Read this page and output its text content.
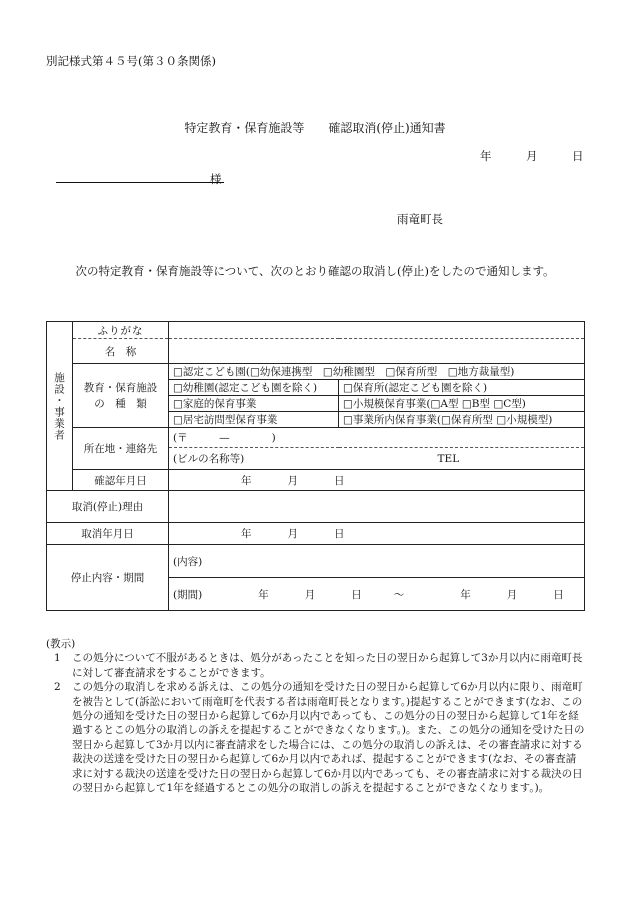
別記様式第４５号(第３０条関係)
特定教育・保育施設等　　確認取消(停止)通知書
年	月	日
様
雨竜町長
次の特定教育・保育施設等について、次のとおり確認の取消し(停止)をしたので通知します。
施設・事業者	ふりがな		
	名　称		

	教育・保育施設
の　種　類	□認定こども園(□幼保連携型　□幼稚園型　□保育所型　□地方裁量型)	
		□幼稚園(認定こども園を除く)	□保育所(認定こども園を除く)
		□家庭的保育事業	□小規模保育事業(□A型 □B型 □C型)
		□居宅訪問型保育事業	□事業所内保育事業(□保育所型 □小規模型)
	所在地・連絡先	(〒　　　—　　　　)	
		(ビルの名称等) TEL	
	確認年月日	年 月 日	
取消(停止)理由			
取消年月日		年 月 日	
停止内容・期間		(内容)	
		(期間) 年 月 日 ～ 年 月 日	
(教示)
1 この処分について不服があるときは、処分があったことを知った日の翌日から起算して3か月以内に雨竜町長に対して審査請求をすることができます。
2 この処分の取消しを求める訴えは、この処分の通知を受けた日の翌日から起算して6か月以内に限り、雨竜町を被告として(訴訟において雨竜町を代表する者は雨竜町長となります。)提起することができます(なお、この処分の通知を受けた日の翌日から起算して6か月以内であっても、この処分の日の翌日から起算して1年を経過するとこの処分の取消しの訴えを提起することができなくなります。)。また、この処分の通知を受けた日の翌日から起算して3か月以内に審査請求をした場合には、この処分の取消しの訴えは、その審査請求に対する裁決の送達を受けた日の翌日から起算して6か月以内であれば、提起することができます(なお、その審査請求に対する裁決の送達を受けた日の翌日から起算して6か月以内であっても、その審査請求に対する裁決の日の翌日から起算して1年を経過するとこの処分の取消しの訴えを提起することができなくなります。)。
